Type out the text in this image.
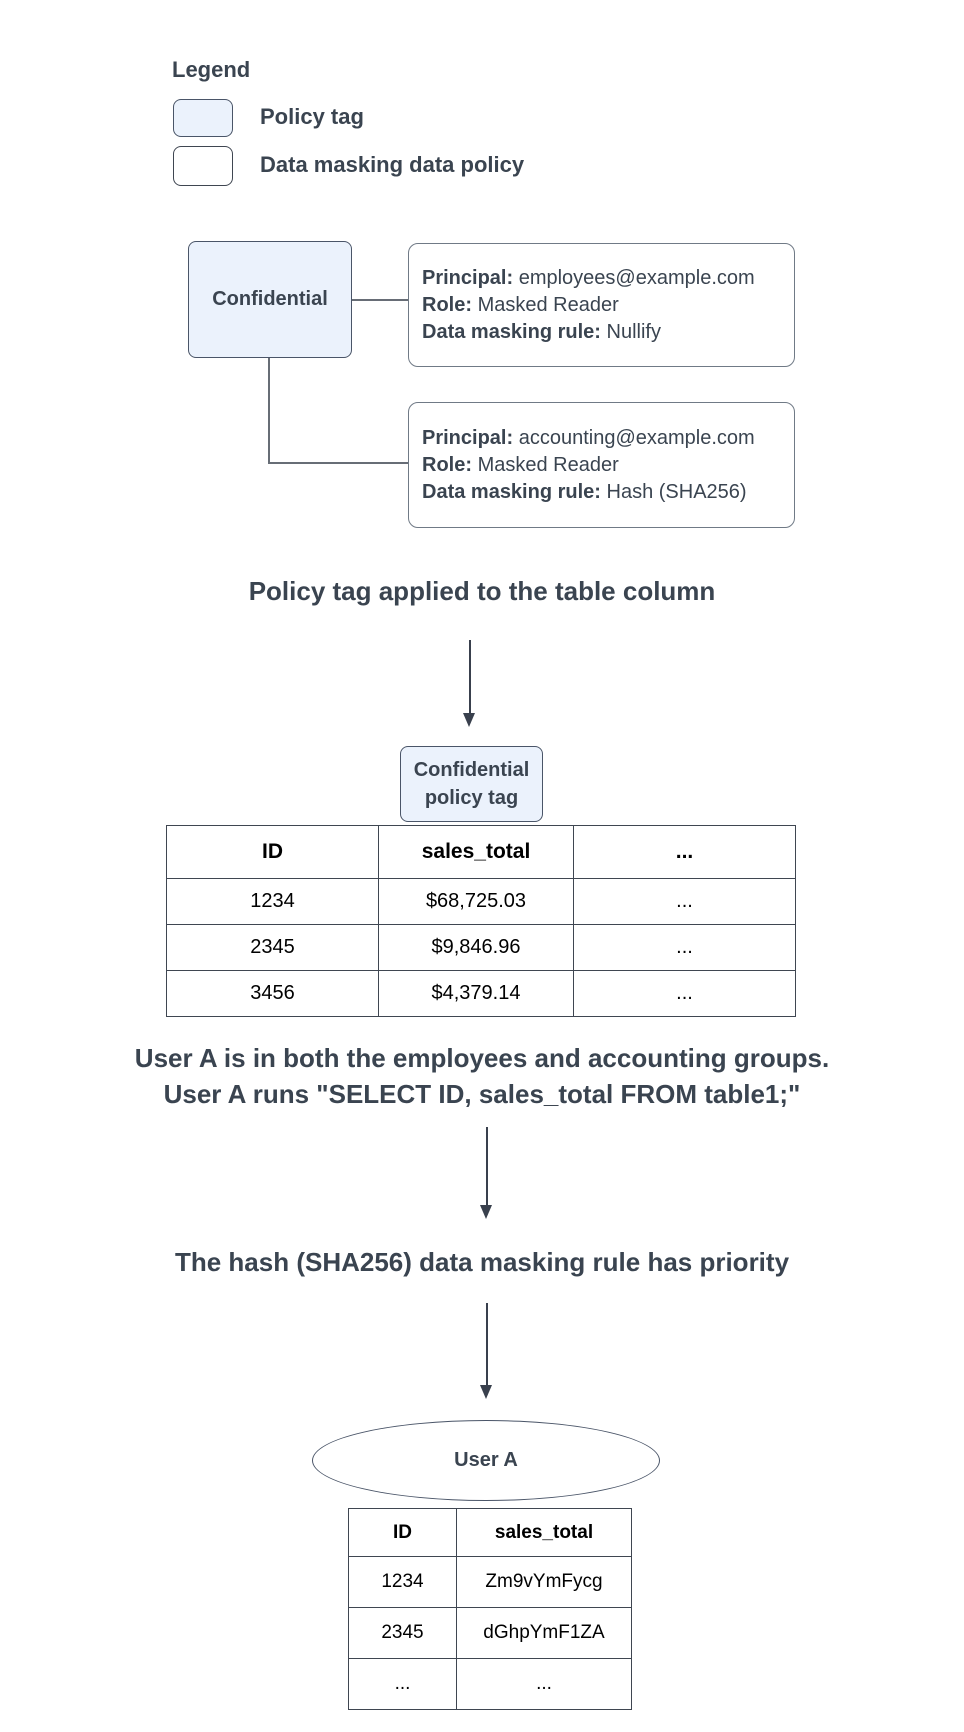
Legend
Policy tag
Data masking data policy
Confidential
Principal: employees@example.com
Role: Masked Reader
Data masking rule: Nullify
Principal: accounting@example.com
Role: Masked Reader
Data masking rule: Hash (SHA256)
Policy tag applied to the table column
Confidential
policy tag
ID	sales_total	...
1234	$68,725.03	...
2345	$9,846.96	...
3456	$4,379.14	...
User A is in both the employees and accounting groups.
User A runs "SELECT ID, sales_total FROM table1;"
The hash (SHA256) data masking rule has priority
User A
ID	sales_total
1234	Zm9vYmFycg
2345	dGhpYmF1ZA
...	...
